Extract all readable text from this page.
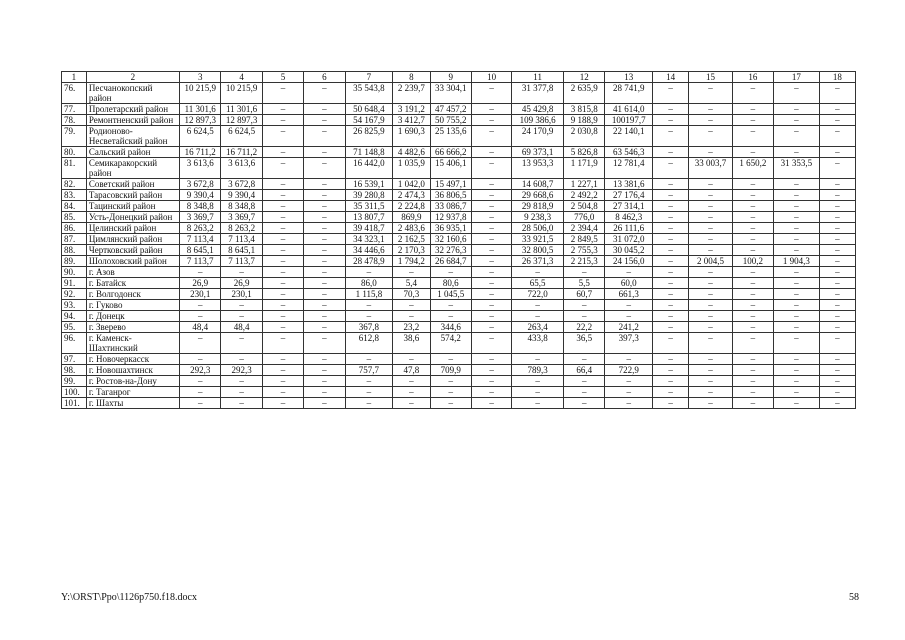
1	2	3	4	5	6	7	8	9	10	11	12	13	14	15	16	17	18
76.	Песчанокопский район	10 215,9	10 215,9	–	–	35 543,8	2 239,7	33 304,1	–	31 377,8	2 635,9	28 741,9	–	–	–	–	–
77.	Пролетарский район	11 301,6	11 301,6	–	–	50 648,4	3 191,2	47 457,2	–	45 429,8	3 815,8	41 614,0	–	–	–	–	–
78.	Ремонтненский район	12 897,3	12 897,3	–	–	54 167,9	3 412,7	50 755,2	–	109 386,6	9 188,9	100197,7	–	–	–	–	–
79.	Родионово-Несветайский район	6 624,5	6 624,5	–	–	26 825,9	1 690,3	25 135,6	–	24 170,9	2 030,8	22 140,1	–	–	–	–	–
80.	Сальский район	16 711,2	16 711,2	–	–	71 148,8	4 482,6	66 666,2	–	69 373,1	5 826,8	63 546,3	–	–	–	–	–
81.	Семикаракорский район	3 613,6	3 613,6	–	–	16 442,0	1 035,9	15 406,1	–	13 953,3	1 171,9	12 781,4	–	33 003,7	1 650,2	31 353,5	–
82.	Советский район	3 672,8	3 672,8	–	–	16 539,1	1 042,0	15 497,1	–	14 608,7	1 227,1	13 381,6	–	–	–	–	–
83.	Тарасовский район	9 390,4	9 390,4	–	–	39 280,8	2 474,3	36 806,5	–	29 668,6	2 492,2	27 176,4	–	–	–	–	–
84.	Тацинский район	8 348,8	8 348,8	–	–	35 311,5	2 224,8	33 086,7	–	29 818,9	2 504,8	27 314,1	–	–	–	–	–
85.	Усть-Донецкий район	3 369,7	3 369,7	–	–	13 807,7	869,9	12 937,8	–	9 238,3	776,0	8 462,3	–	–	–	–	–
86.	Целинский район	8 263,2	8 263,2	–	–	39 418,7	2 483,6	36 935,1	–	28 506,0	2 394,4	26 111,6	–	–	–	–	–
87.	Цимлянский район	7 113,4	7 113,4	–	–	34 323,1	2 162,5	32 160,6	–	33 921,5	2 849,5	31 072,0	–	–	–	–	–
88.	Чертковский район	8 645,1	8 645,1	–	–	34 446,6	2 170,3	32 276,3	–	32 800,5	2 755,3	30 045,2	–	–	–	–	–
89.	Шолоховский район	7 113,7	7 113,7	–	–	28 478,9	1 794,2	26 684,7	–	26 371,3	2 215,3	24 156,0	–	2 004,5	100,2	1 904,3	–
90.	г. Азов	–	–	–	–	–	–	–	–	–	–	–	–	–	–	–	–
91.	г. Батайск	26,9	26,9	–	–	86,0	5,4	80,6	–	65,5	5,5	60,0	–	–	–	–	–
92.	г. Волгодонск	230,1	230,1	–	–	1 115,8	70,3	1 045,5	–	722,0	60,7	661,3	–	–	–	–	–
93.	г. Гуково	–	–	–	–	–	–	–	–	–	–	–	–	–	–	–	–
94.	г. Донецк	–	–	–	–	–	–	–	–	–	–	–	–	–	–	–	–
95.	г. Зверево	48,4	48,4	–	–	367,8	23,2	344,6	–	263,4	22,2	241,2	–	–	–	–	–
96.	г. Каменск-Шахтинский	–	–	–	–	612,8	38,6	574,2	–	433,8	36,5	397,3	–	–	–	–	–
97.	г. Новочеркасск	–	–	–	–	–	–	–	–	–	–	–	–	–	–	–	–
98.	г. Новошахтинск	292,3	292,3	–	–	757,7	47,8	709,9	–	789,3	66,4	722,9	–	–	–	–	–
99.	г. Ростов-на-Дону	–	–	–	–	–	–	–	–	–	–	–	–	–	–	–	–
100.	г. Таганрог	–	–	–	–	–	–	–	–	–	–	–	–	–	–	–	–
101.	г. Шахты	–	–	–	–	–	–	–	–	–	–	–	–	–	–	–	–
Y:\ORST\Ppo\1126p750.f18.docx	58
